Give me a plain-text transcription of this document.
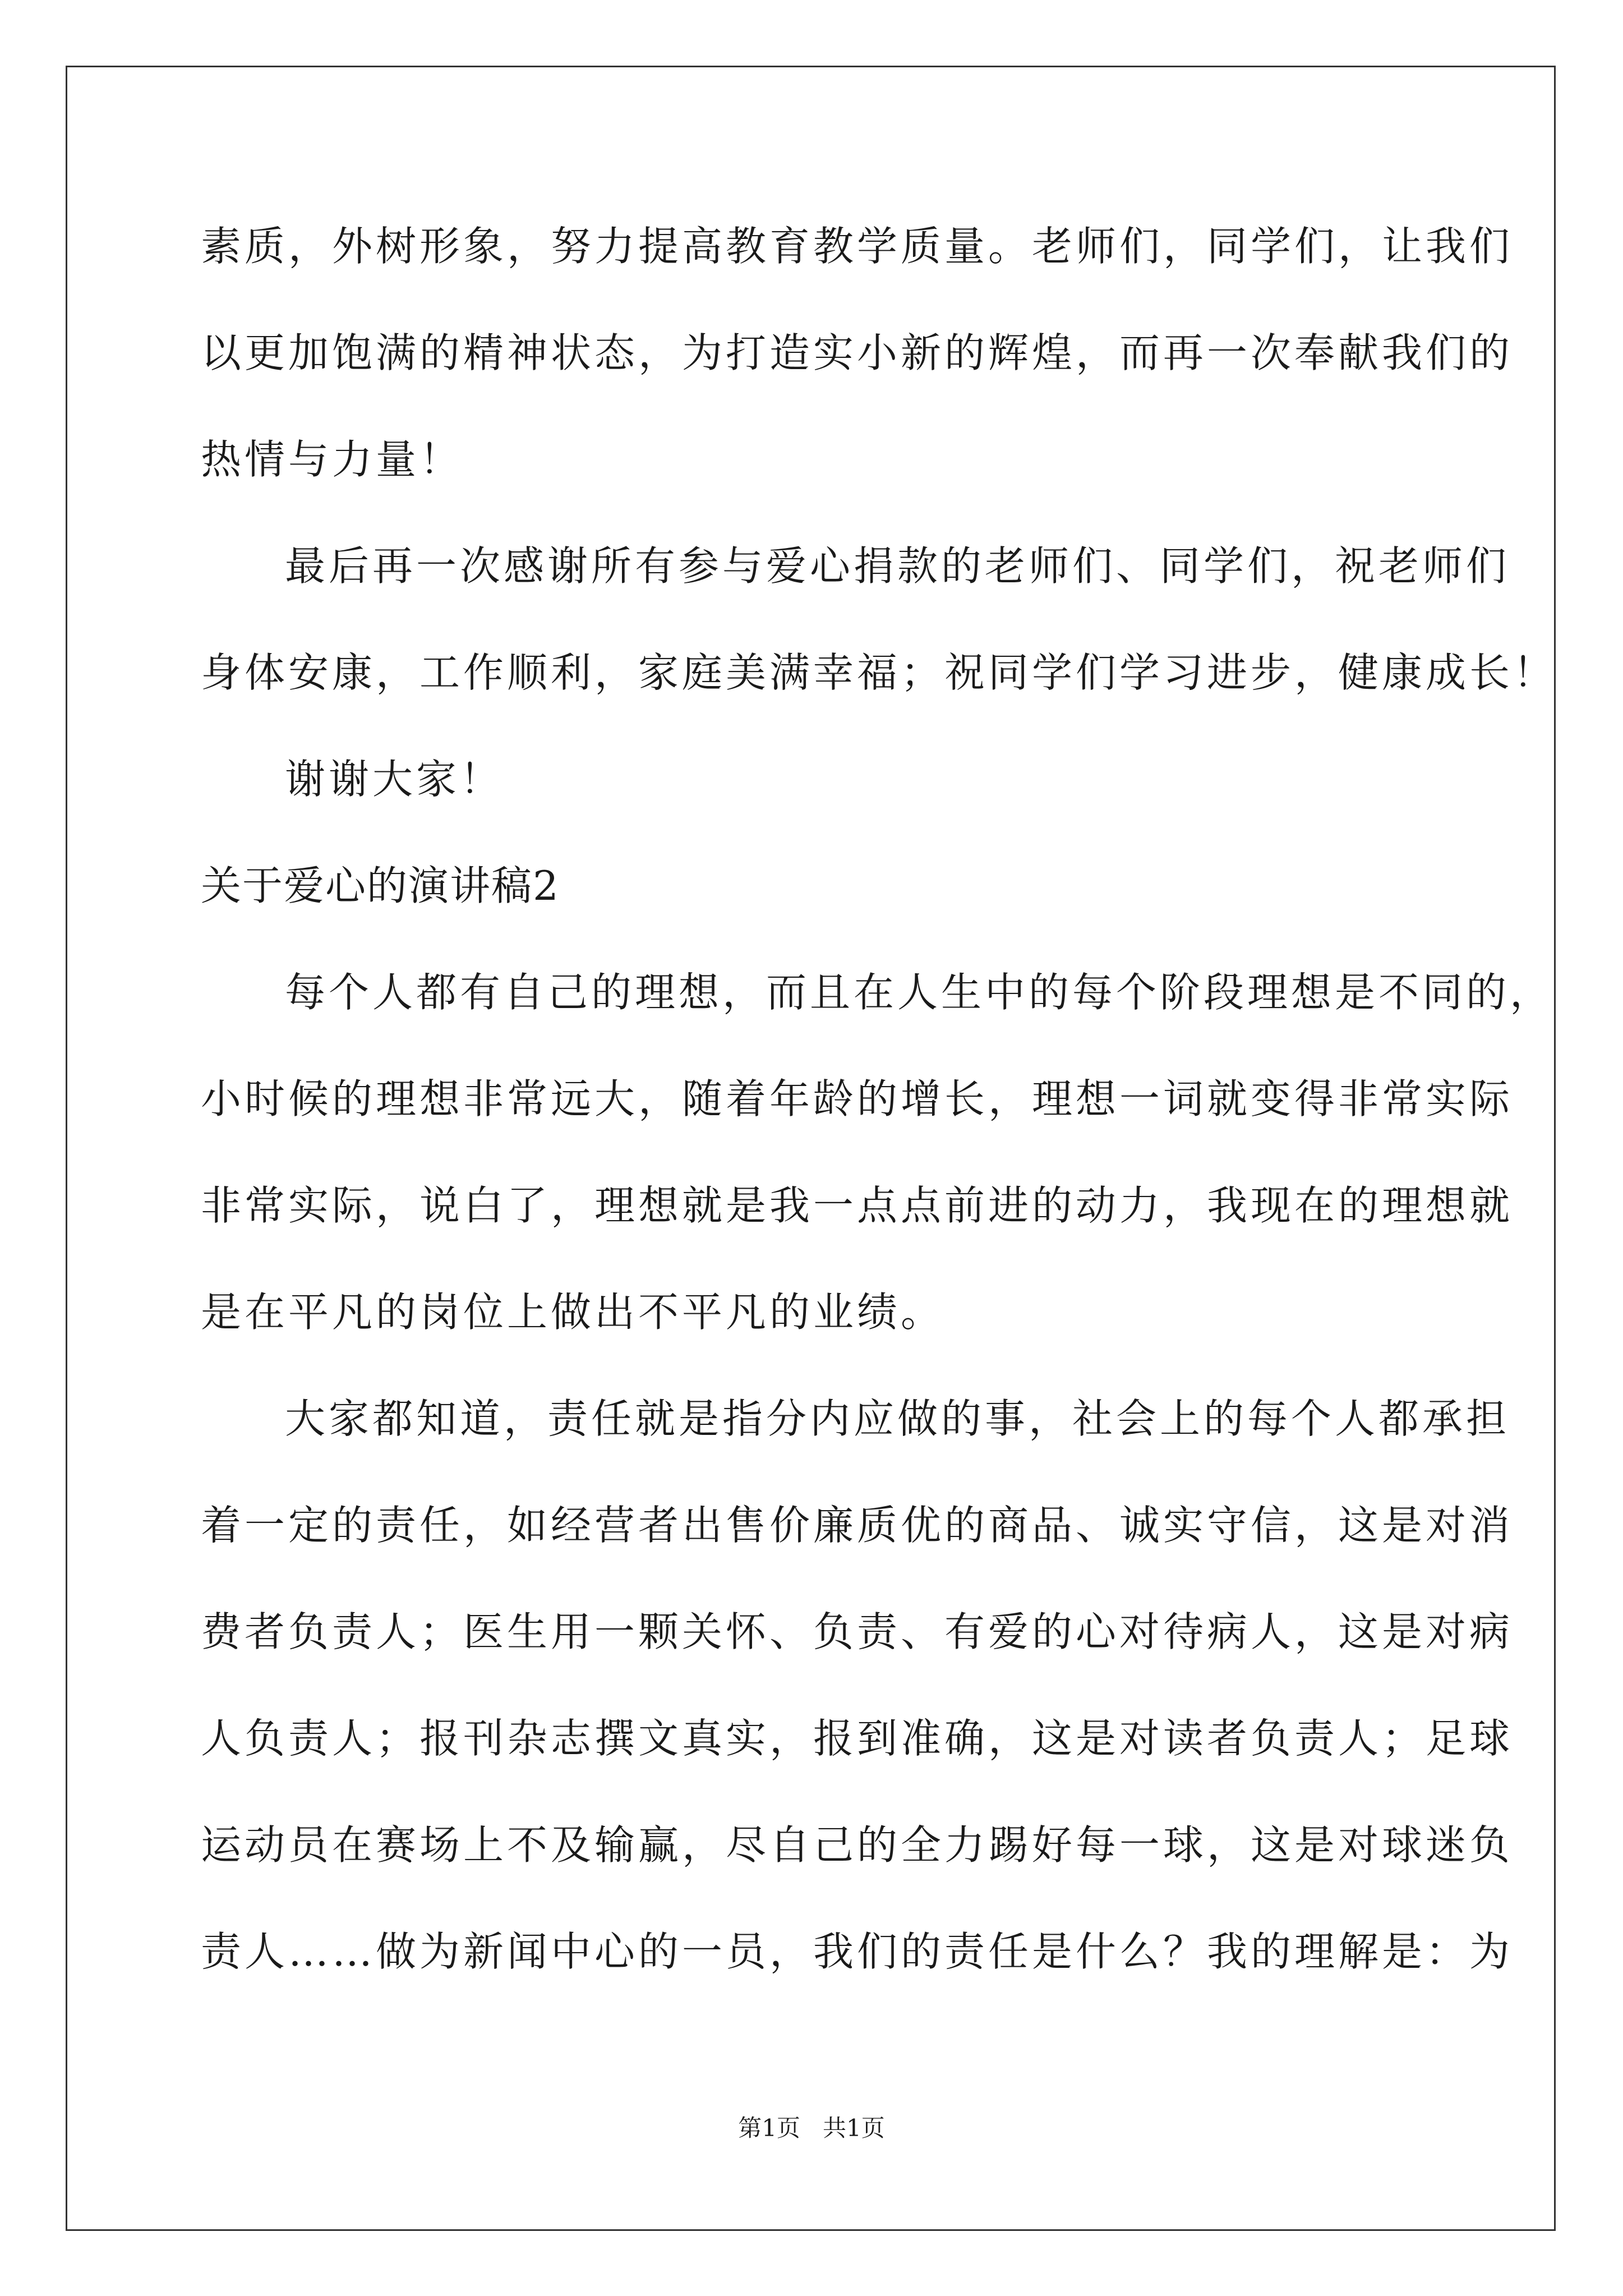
素质，外树形象，努力提高教育教学质量。老师们，同学们，让我们
以更加饱满的精神状态，为打造实小新的辉煌，而再一次奉献我们的
热情与力量！
最后再一次感谢所有参与爱心捐款的老师们、同学们，祝老师们
身体安康，工作顺利，家庭美满幸福；祝同学们学习进步，健康成长！
谢谢大家！
关于爱心的演讲稿2
每个人都有自己的理想，而且在人生中的每个阶段理想是不同的，
小时候的理想非常远大，随着年龄的增长，理想一词就变得非常实际
非常实际，说白了，理想就是我一点点前进的动力，我现在的理想就
是在平凡的岗位上做出不平凡的业绩。
大家都知道，责任就是指分内应做的事，社会上的每个人都承担
着一定的责任，如经营者出售价廉质优的商品、诚实守信，这是对消
费者负责人；医生用一颗关怀、负责、有爱的心对待病人，这是对病
人负责人；报刊杂志撰文真实，报到准确，这是对读者负责人；足球
运动员在赛场上不及输赢，尽自己的全力踢好每一球，这是对球迷负
责人……做为新闻中心的一员，我们的责任是什么？我的理解是：为
第1页   共1页
